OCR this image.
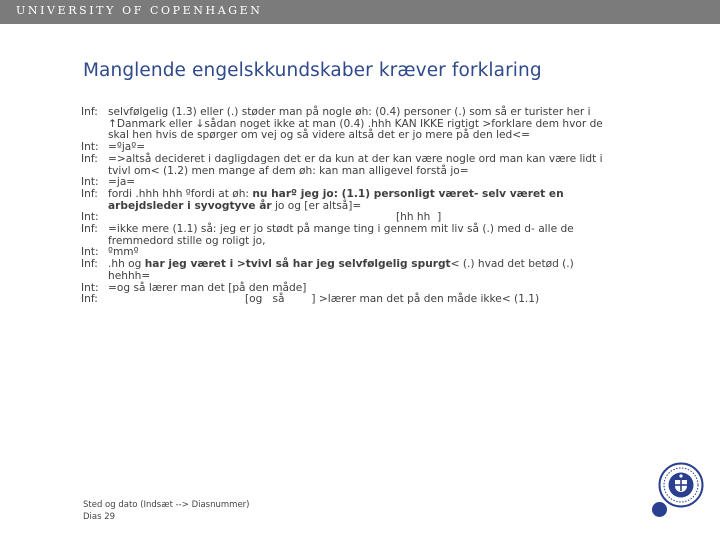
UNIVERSITY OF COPENHAGEN
Manglende engelskkundskaber kræver forklaring
Inf: selvfølgelig (1.3) eller (.) støder man på nogle øh: (0.4) personer (.) som så er turister her i ↑Danmark eller ↓sådan noget ikke at man (0.4) .hhh KAN IKKE rigtigt >forklare dem hvor de skal hen hvis de spørger om vej og så videre altså det er jo mere på den led<=
Int: =ºjaº=
Inf: =>altså decideret i dagligdagen det er da kun at der kan være nogle ord man kan være lidt i tvivl om< (1.2) men mange af dem øh: kan man alligevel forstå jo=
Int: =ja=
Inf: fordi .hhh hhh ºfordi at øh: nu harº jeg jo: (1.1) personligt været- selv været en arbejdsleder i syvogtyve år jo og [er altså]=
Int:	[hh hh  ]
Inf: =ikke mere (1.1) så: jeg er jo stødt på mange ting i gennem mit liv så (.) med d- alle de fremmedord stille og roligt jo,
Int: ºmmº
Inf: .hh og har jeg været i >tvivl så har jeg selvfølgelig spurgt< (.) hvad det betød (.) hehhh=
Int: =og så lærer man det [på den måde]
Inf:	[og   så        ] >lærer man det på den måde ikke< (1.1)
Sted og dato (Indsæt --> Diasnummer)
Dias 29
